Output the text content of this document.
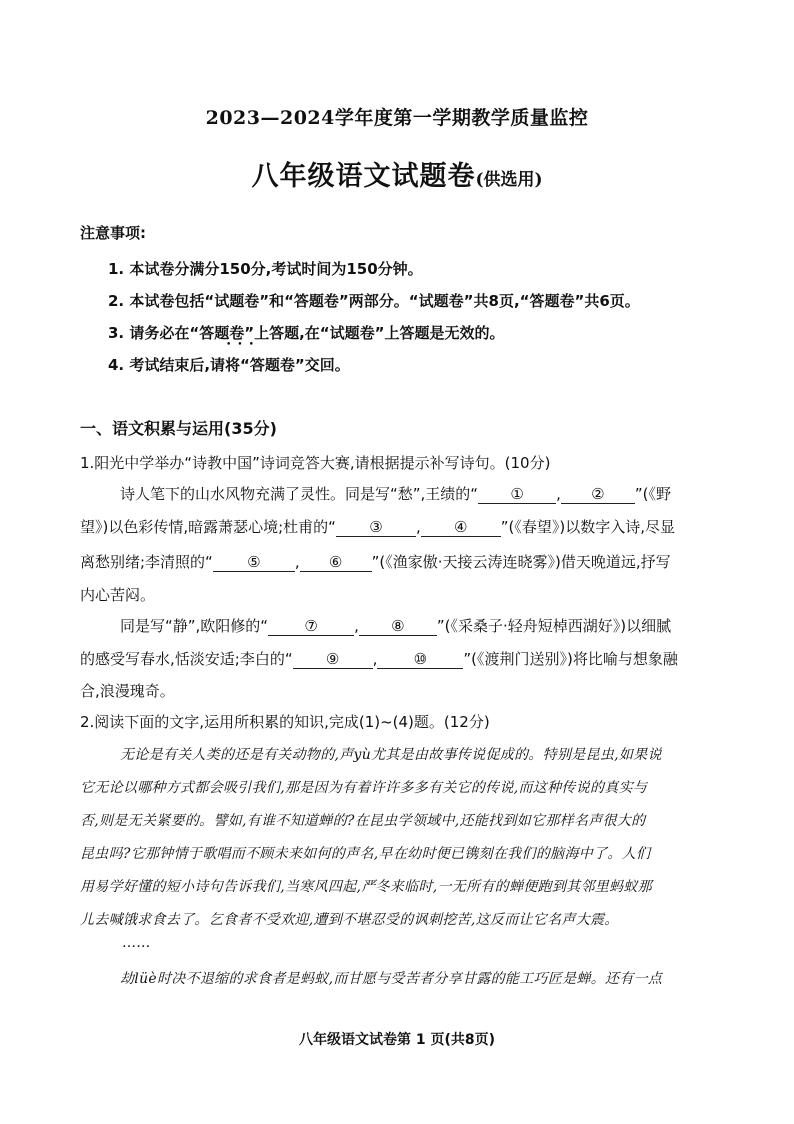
2023—2024学年度第一学期教学质量监控
八年级语文试题卷(供选用)
注意事项:
1. 本试卷分满分150分,考试时间为150分钟。
2. 本试卷包括“试题卷”和“答题卷”两部分。“试题卷”共8页,“答题卷”共6页。
3. 请务必在“答题卷”上答题,在“试题卷”上答题是无效的。
4. 考试结束后,请将“答题卷”交回。
•••
一、语文积累与运用(35分)
1.阳光中学举办“诗教中国”诗词竞答大赛,请根据提示补写诗句。(10分)
诗人笔下的山水风物充满了灵性。同是写“愁”,王绩的“ ① , ② ”(《野
望》)以色彩传情,暗露萧瑟心境;杜甫的“ ③ , ④ ”(《春望》)以数字入诗,尽显
离愁别绪;李清照的“ ⑤ , ⑥ ”(《渔家傲·天接云涛连晓雾》)借天晚道远,抒写
内心苦闷。
同是写“静”,欧阳修的“ ⑦ , ⑧ ”(《采桑子·轻舟短棹西湖好》)以细腻
的感受写春水,恬淡安适;李白的“ ⑨ , ⑩ ”(《渡荆门送别》)将比喻与想象融
合,浪漫瑰奇。
2.阅读下面的文字,运用所积累的知识,完成(1)~(4)题。(12分)
无论是有关人类的还是有关动物的,声yù尤其是由故事传说促成的。特别是昆虫,如果说
它无论以哪种方式都会吸引我们,那是因为有着许许多多有关它的传说,而这种传说的真实与
否,则是无关紧要的。譬如,有谁不知道蝉的?在昆虫学领域中,还能找到如它那样名声很大的
昆虫吗?它那钟情于歌唱而不顾未来如何的声名,早在幼时便已镌刻在我们的脑海中了。人们
用易学好懂的短小诗句告诉我们,当寒风四起,严冬来临时,一无所有的蝉便跑到其邻里蚂蚁那
儿去喊饿求食去了。乞食者不受欢迎,遭到不堪忍受的讽刺挖苦,这反而让它名声大震。
……
劫lüè时决不退缩的求食者是蚂蚁,而甘愿与受苦者分享甘露的能工巧匠是蝉。还有一点
八年级语文试卷第 1 页(共8页)
